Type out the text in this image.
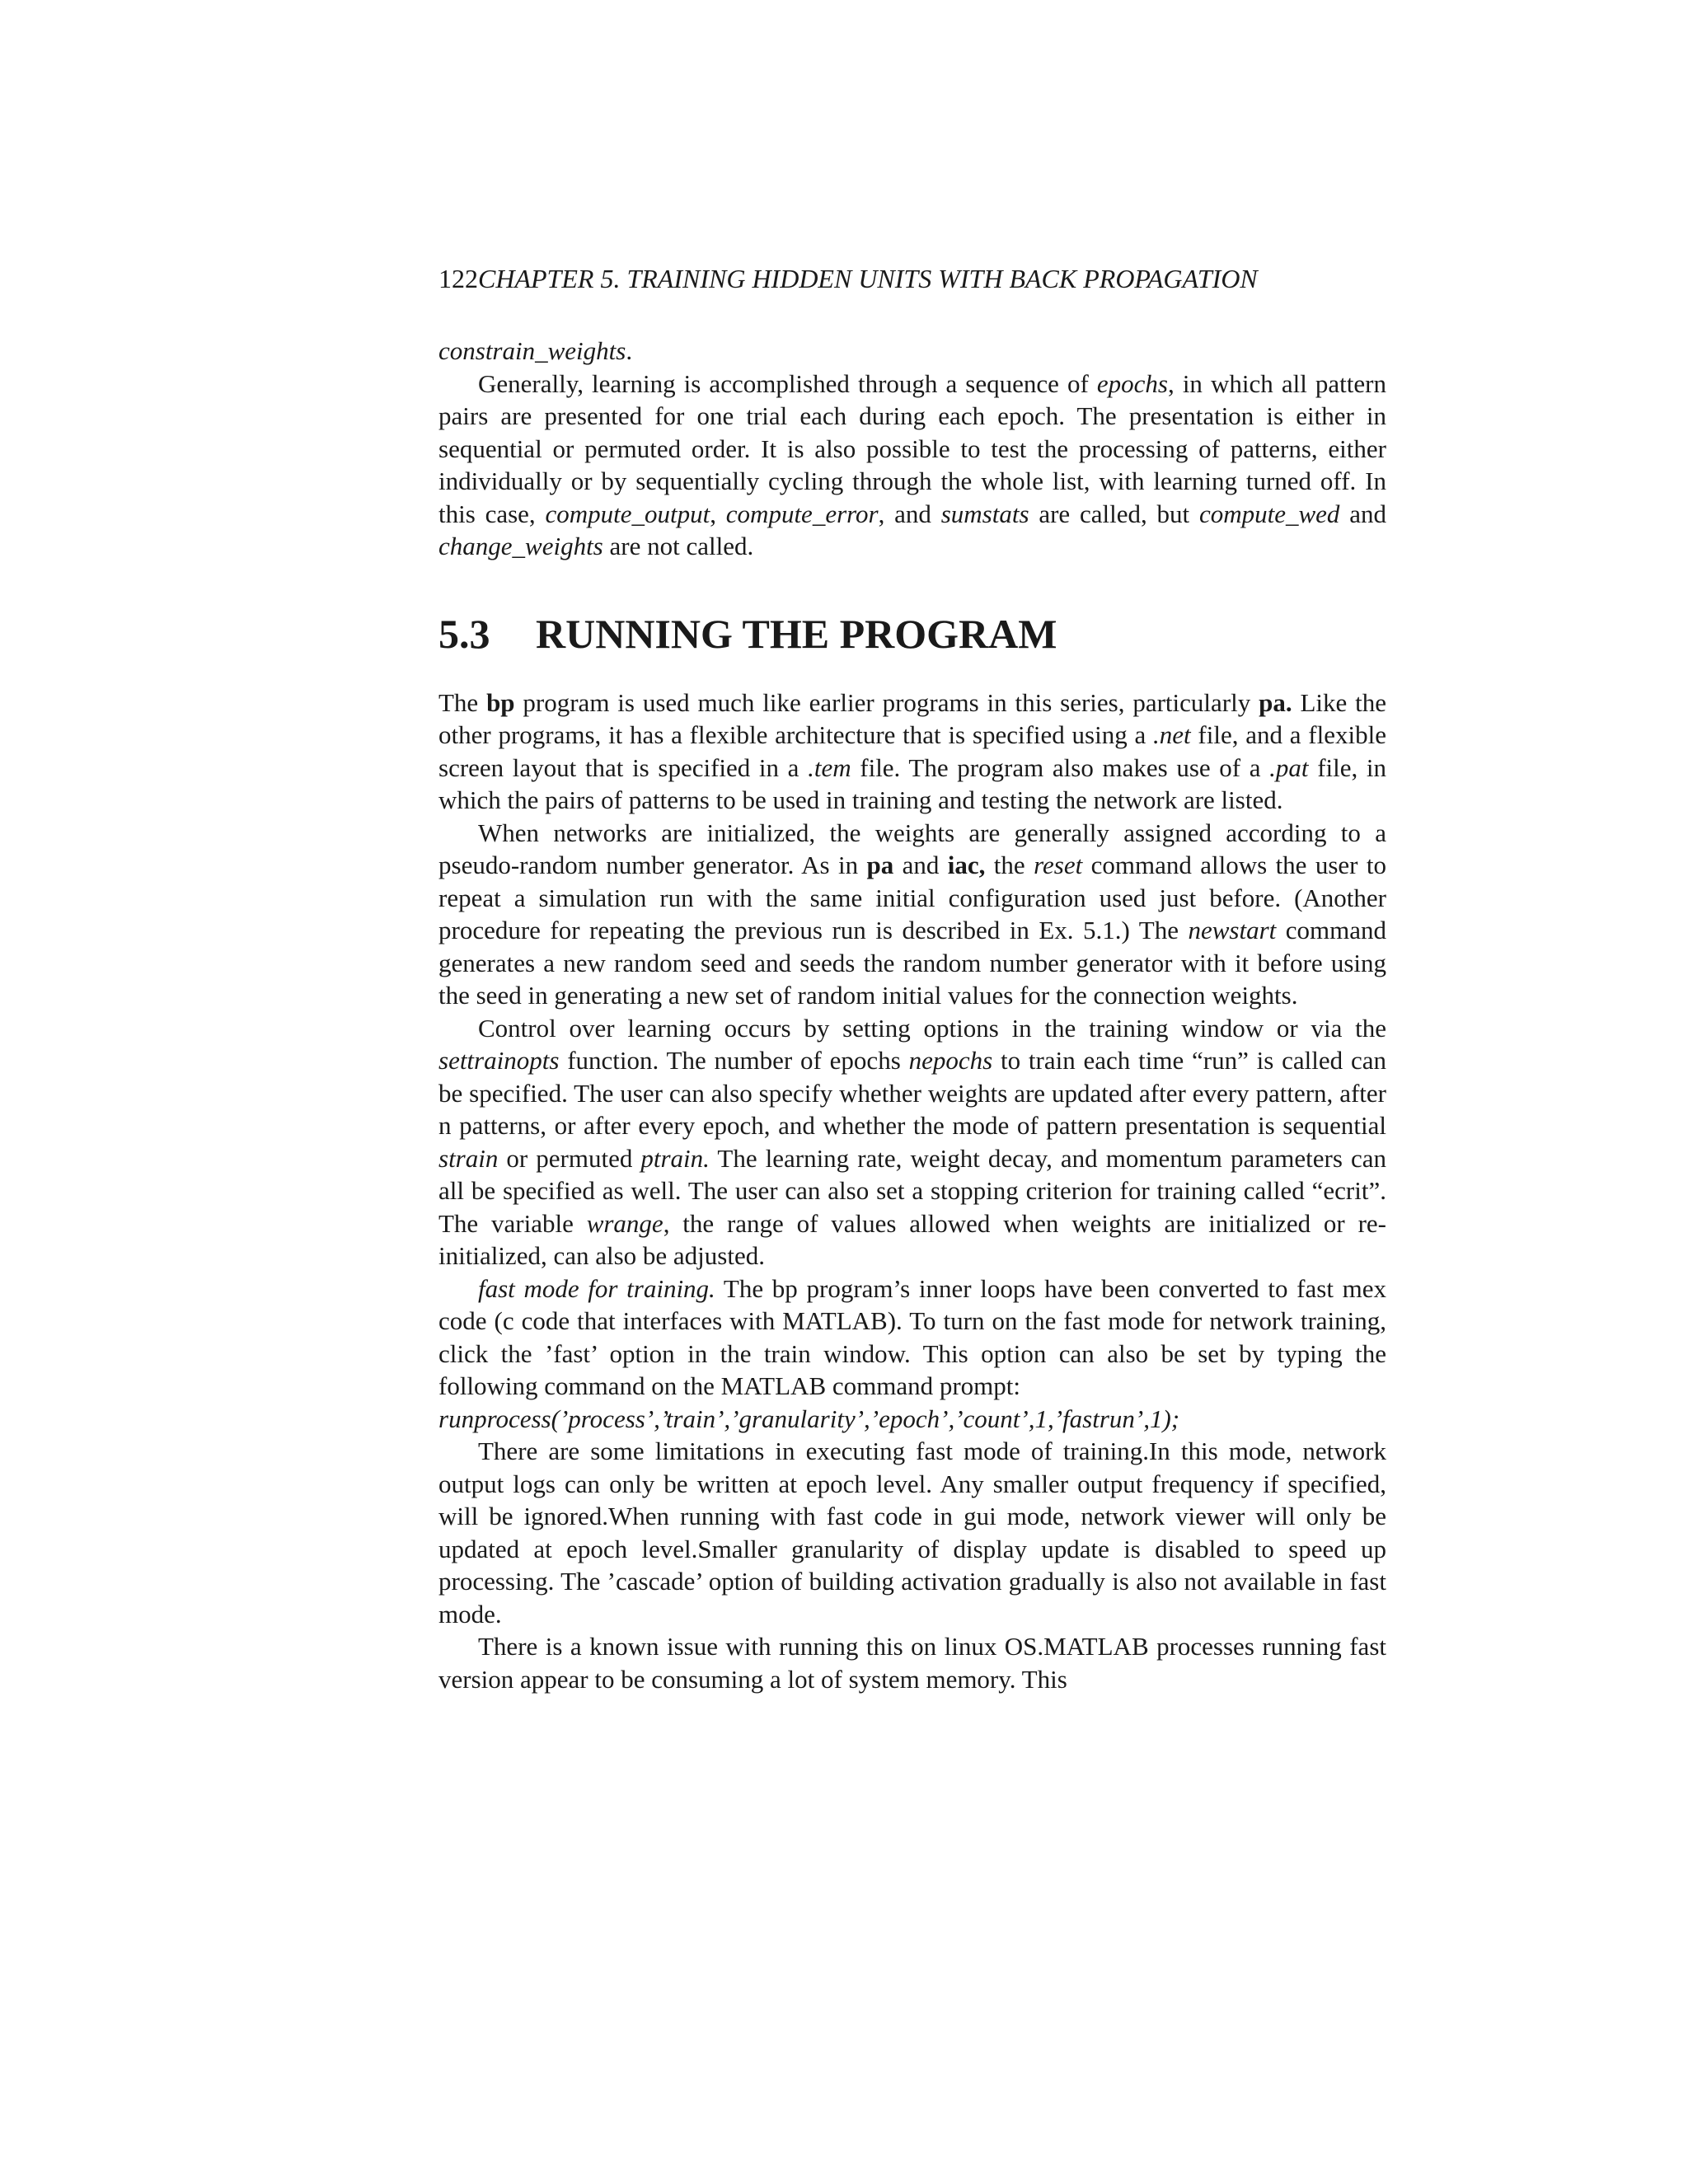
122CHAPTER 5. TRAINING HIDDEN UNITS WITH BACK PROPAGATION

constrain_weights.

Generally, learning is accomplished through a sequence of epochs, in which all pattern pairs are presented for one trial each during each epoch. The presentation is either in sequential or permuted order. It is also possible to test the processing of patterns, either individually or by sequentially cycling through the whole list, with learning turned off. In this case, compute_output, compute_error, and sumstats are called, but compute_wed and change_weights are not called.

5.3 RUNNING THE PROGRAM

The bp program is used much like earlier programs in this series, particularly pa. Like the other programs, it has a flexible architecture that is specified using a .net file, and a flexible screen layout that is specified in a .tem file. The program also makes use of a .pat file, in which the pairs of patterns to be used in training and testing the network are listed.

When networks are initialized, the weights are generally assigned according to a pseudo-random number generator. As in pa and iac, the reset command allows the user to repeat a simulation run with the same initial configuration used just before. (Another procedure for repeating the previous run is described in Ex. 5.1.) The newstart command generates a new random seed and seeds the random number generator with it before using the seed in generating a new set of random initial values for the connection weights.

Control over learning occurs by setting options in the training window or via the settrainopts function. The number of epochs nepochs to train each time “run” is called can be specified. The user can also specify whether weights are updated after every pattern, after n patterns, or after every epoch, and whether the mode of pattern presentation is sequential strain or permuted ptrain. The learning rate, weight decay, and momentum parameters can all be specified as well. The user can also set a stopping criterion for training called “ecrit”. The variable wrange, the range of values allowed when weights are initialized or re-initialized, can also be adjusted.

fast mode for training. The bp program’s inner loops have been converted to fast mex code (c code that interfaces with MATLAB). To turn on the fast mode for network training, click the ’fast’ option in the train window. This option can also be set by typing the following command on the MATLAB command prompt:

runprocess(’process’,’train’,’granularity’,’epoch’,’count’,1,’fastrun’,1);

There are some limitations in executing fast mode of training.In this mode, network output logs can only be written at epoch level. Any smaller output frequency if specified, will be ignored.When running with fast code in gui mode, network viewer will only be updated at epoch level.Smaller granularity of display update is disabled to speed up processing. The ’cascade’ option of building activation gradually is also not available in fast mode.

There is a known issue with running this on linux OS.MATLAB processes running fast version appear to be consuming a lot of system memory. This
